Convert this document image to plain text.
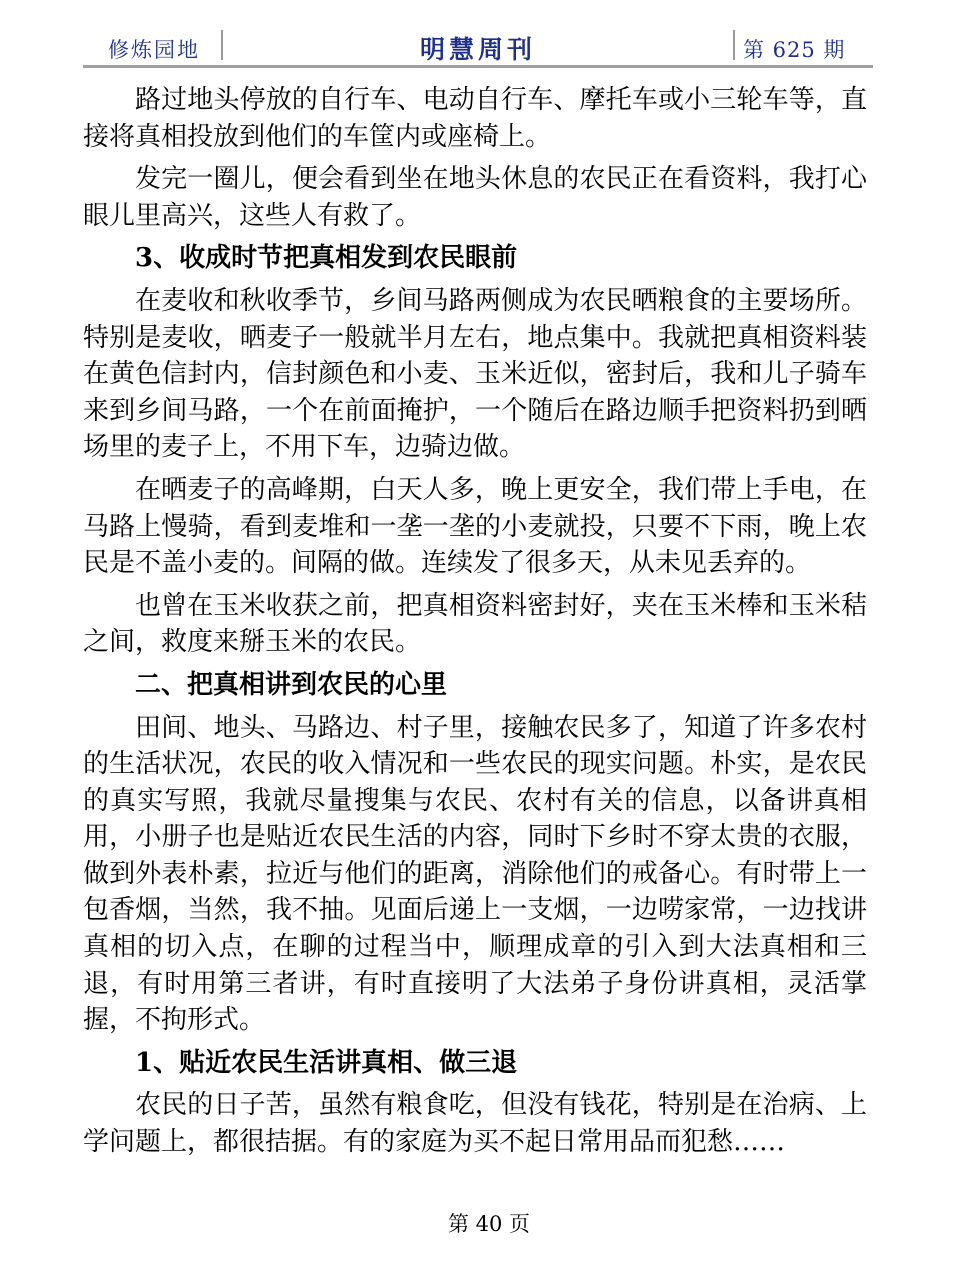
修炼园地	明慧周刊	第 625 期

路过地头停放的自行车、电动自行车、摩托车或小三轮车等，直接将真相投放到他们的车筐内或座椅上。

发完一圈儿，便会看到坐在地头休息的农民正在看资料，我打心眼儿里高兴，这些人有救了。

3、收成时节把真相发到农民眼前

在麦收和秋收季节，乡间马路两侧成为农民晒粮食的主要场所。特别是麦收，晒麦子一般就半月左右，地点集中。我就把真相资料装在黄色信封内，信封颜色和小麦、玉米近似，密封后，我和儿子骑车来到乡间马路，一个在前面掩护，一个随后在路边顺手把资料扔到晒场里的麦子上，不用下车，边骑边做。

在晒麦子的高峰期，白天人多，晚上更安全，我们带上手电，在马路上慢骑，看到麦堆和一垄一垄的小麦就投，只要不下雨，晚上农民是不盖小麦的。间隔的做。连续发了很多天，从未见丢弃的。

也曾在玉米收获之前，把真相资料密封好，夹在玉米棒和玉米秸之间，救度来掰玉米的农民。

二、把真相讲到农民的心里

田间、地头、马路边、村子里，接触农民多了，知道了许多农村的生活状况，农民的收入情况和一些农民的现实问题。朴实，是农民的真实写照，我就尽量搜集与农民、农村有关的信息，以备讲真相用，小册子也是贴近农民生活的内容，同时下乡时不穿太贵的衣服，做到外表朴素，拉近与他们的距离，消除他们的戒备心。有时带上一包香烟，当然，我不抽。见面后递上一支烟，一边唠家常，一边找讲真相的切入点，在聊的过程当中，顺理成章的引入到大法真相和三退，有时用第三者讲，有时直接明了大法弟子身份讲真相，灵活掌握，不拘形式。

1、贴近农民生活讲真相、做三退

农民的日子苦，虽然有粮食吃，但没有钱花，特别是在治病、上学问题上，都很拮据。有的家庭为买不起日常用品而犯愁……

第 40 页
